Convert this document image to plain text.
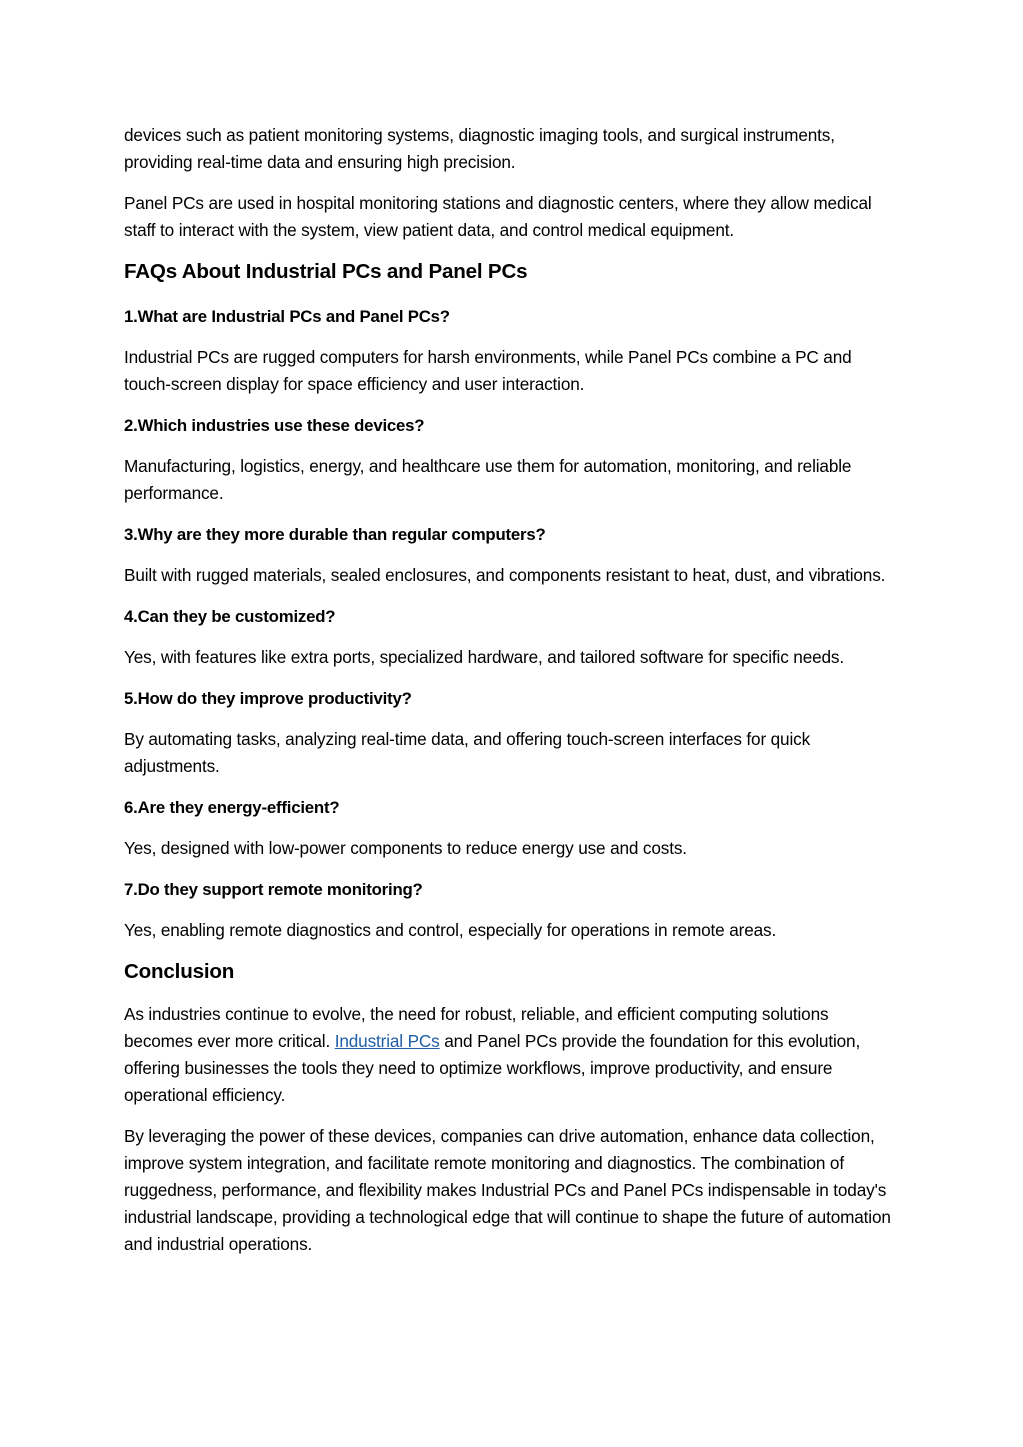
devices such as patient monitoring systems, diagnostic imaging tools, and surgical instruments, providing real-time data and ensuring high precision.

Panel PCs are used in hospital monitoring stations and diagnostic centers, where they allow medical staff to interact with the system, view patient data, and control medical equipment.

FAQs About Industrial PCs and Panel PCs
1.What are Industrial PCs and Panel PCs?

Industrial PCs are rugged computers for harsh environments, while Panel PCs combine a PC and touch-screen display for space efficiency and user interaction.

2.Which industries use these devices?

Manufacturing, logistics, energy, and healthcare use them for automation, monitoring, and reliable performance.

3.Why are they more durable than regular computers?

Built with rugged materials, sealed enclosures, and components resistant to heat, dust, and vibrations.

4.Can they be customized?

Yes, with features like extra ports, specialized hardware, and tailored software for specific needs.

5.How do they improve productivity?

By automating tasks, analyzing real-time data, and offering touch-screen interfaces for quick adjustments.

6.Are they energy-efficient?

Yes, designed with low-power components to reduce energy use and costs.

7.Do they support remote monitoring?

Yes, enabling remote diagnostics and control, especially for operations in remote areas.

Conclusion

As industries continue to evolve, the need for robust, reliable, and efficient computing solutions becomes ever more critical. Industrial PCs and Panel PCs provide the foundation for this evolution, offering businesses the tools they need to optimize workflows, improve productivity, and ensure operational efficiency.

By leveraging the power of these devices, companies can drive automation, enhance data collection, improve system integration, and facilitate remote monitoring and diagnostics. The combination of ruggedness, performance, and flexibility makes Industrial PCs and Panel PCs indispensable in today's industrial landscape, providing a technological edge that will continue to shape the future of automation and industrial operations.
